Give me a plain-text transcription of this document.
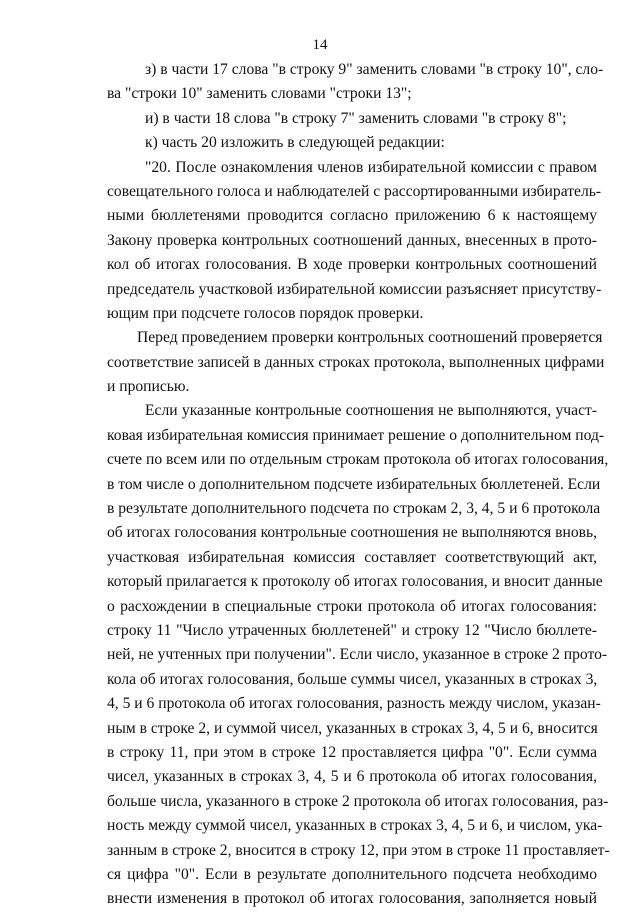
14
з) в части 17 слова "в строку 9" заменить словами "в строку 10", сло-
ва "строки 10" заменить словами "строки 13";
и) в части 18 слова "в строку 7" заменить словами "в строку 8";
к) часть 20 изложить в следующей редакции:
"20. После ознакомления членов избирательной комиссии с правом
совещательного голоса и наблюдателей с рассортированными избиратель-
ными бюллетенями проводится согласно приложению 6 к настоящему
Закону проверка контрольных соотношений данных, внесенных в прото-
кол об итогах голосования. В ходе проверки контрольных соотношений
председатель участковой избирательной комиссии разъясняет присутству-
ющим при подсчете голосов порядок проверки.
Перед проведением проверки контрольных соотношений проверяется
соответствие записей в данных строках протокола, выполненных цифрами
и прописью.
Если указанные контрольные соотношения не выполняются, участ-
ковая избирательная комиссия принимает решение о дополнительном под-
счете по всем или по отдельным строкам протокола об итогах голосования,
в том числе о дополнительном подсчете избирательных бюллетеней. Если
в результате дополнительного подсчета по строкам 2, 3, 4, 5 и 6 протокола
об итогах голосования контрольные соотношения не выполняются вновь,
участковая избирательная комиссия составляет соответствующий акт,
который прилагается к протоколу об итогах голосования, и вносит данные
о расхождении в специальные строки протокола об итогах голосования:
строку 11 "Число утраченных бюллетеней" и строку 12 "Число бюллете-
ней, не учтенных при получении". Если число, указанное в строке 2 прото-
кола об итогах голосования, больше суммы чисел, указанных в строках 3,
4, 5 и 6 протокола об итогах голосования, разность между числом, указан-
ным в строке 2, и суммой чисел, указанных в строках 3, 4, 5 и 6, вносится
в строку 11, при этом в строке 12 проставляется цифра "0". Если сумма
чисел, указанных в строках 3, 4, 5 и 6 протокола об итогах голосования,
больше числа, указанного в строке 2 протокола об итогах голосования, раз-
ность между суммой чисел, указанных в строках 3, 4, 5 и 6, и числом, ука-
занным в строке 2, вносится в строку 12, при этом в строке 11 проставляет-
ся цифра "0". Если в результате дополнительного подсчета необходимо
внести изменения в протокол об итогах голосования, заполняется новый
